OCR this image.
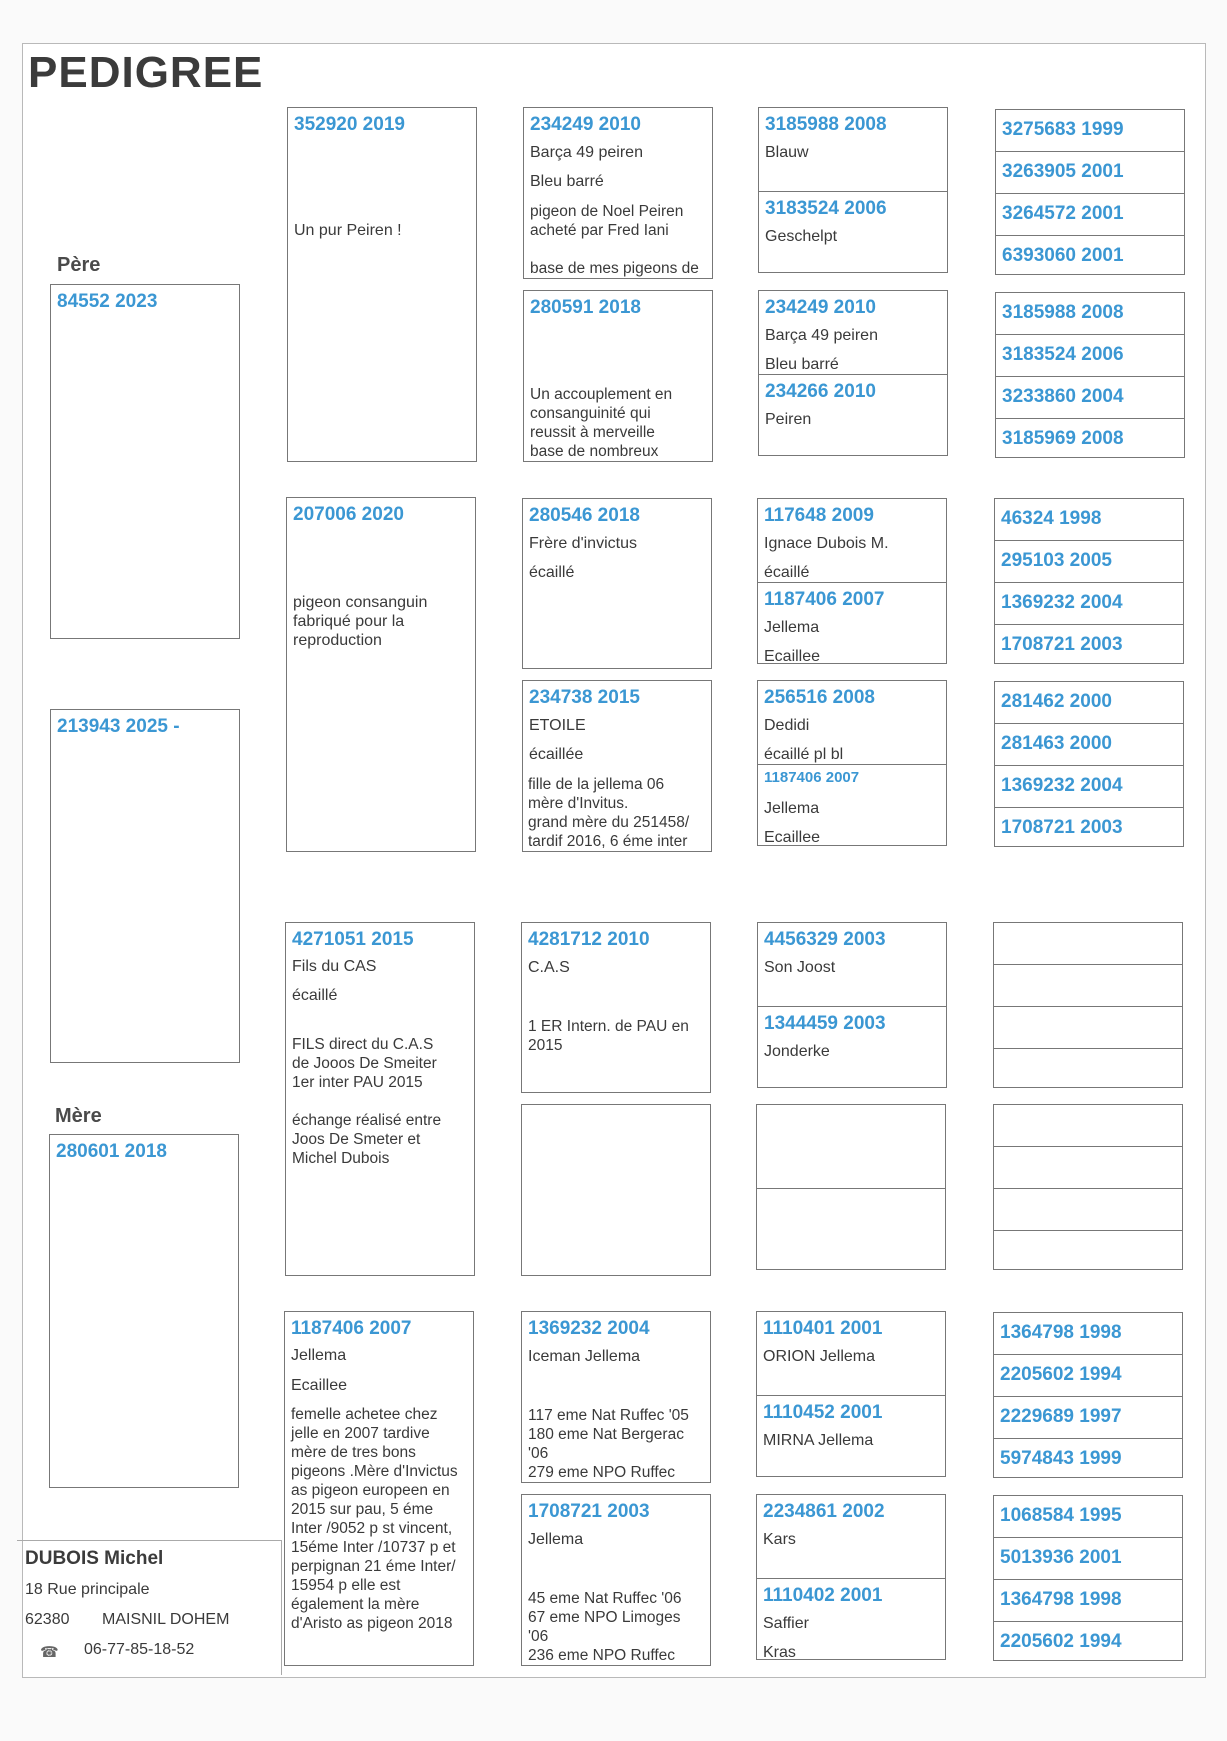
PEDIGREE
Père
84552 2023
213943 2025 -
Mère
280601 2018
DUBOIS Michel
18 Rue principale
62380 MAISNIL DOHEM
☎ 06-77-85-18-52
352920 2019
Un pur Peiren !
207006 2020
pigeon consanguin
fabriqué pour la
reproduction
4271051 2015
Fils du CAS
écaillé
FILS direct du C.A.S
de Jooos De Smeiter
1er inter PAU 2015

échange réalisé entre
Joos De Smeter et
Michel Dubois
1187406 2007
Jellema
Ecaillee
femelle achetee chez
jelle en 2007 tardive
mère de tres bons
pigeons .Mère d'Invictus
as pigeon europeen en
2015 sur pau, 5 éme
Inter /9052 p st vincent,
15éme Inter /10737 p et
perpignan 21 éme Inter/
15954 p elle est
également la mère
d'Aristo as pigeon 2018
234249 2010
Barça 49 peiren
Bleu barré
pigeon de Noel Peiren
acheté par Fred Iani
base de mes pigeons de
280591 2018
Un accouplement en
consanguinité qui
reussit à merveille
base de nombreux
280546 2018
Frère d'invictus
écaillé
234738 2015
ETOILE
écaillée
fille de la jellema 06
mère d'Invitus.
grand mère du 251458/
tardif 2016, 6 éme inter
4281712 2010
C.A.S
1 ER Intern. de PAU en
2015
1369232 2004
Iceman Jellema
117 eme Nat Ruffec '05
180 eme Nat Bergerac
'06
279 eme NPO Ruffec
1708721 2003
Jellema
45 eme Nat Ruffec '06
67 eme NPO Limoges
'06
236 eme NPO Ruffec
3185988 2008
Blauw
3183524 2006
Geschelpt
234249 2010
Barça 49 peiren
Bleu barré
234266 2010
Peiren
117648 2009
Ignace Dubois M.
écaillé
1187406 2007
Jellema
Ecaillee
256516 2008
Dedidi
écaillé pl bl
1187406 2007
Jellema
Ecaillee
4456329 2003
Son Joost
1344459 2003
Jonderke
1110401 2001
ORION Jellema
1110452 2001
MIRNA Jellema
2234861 2002
Kars
1110402 2001
Saffier
Kras
3275683 1999
3263905 2001
3264572 2001
6393060 2001
3185988 2008
3183524 2006
3233860 2004
3185969 2008
46324 1998
295103 2005
1369232 2004
1708721 2003
281462 2000
281463 2000
1369232 2004
1708721 2003
1364798 1998
2205602 1994
2229689 1997
5974843 1999
1068584 1995
5013936 2001
1364798 1998
2205602 1994
